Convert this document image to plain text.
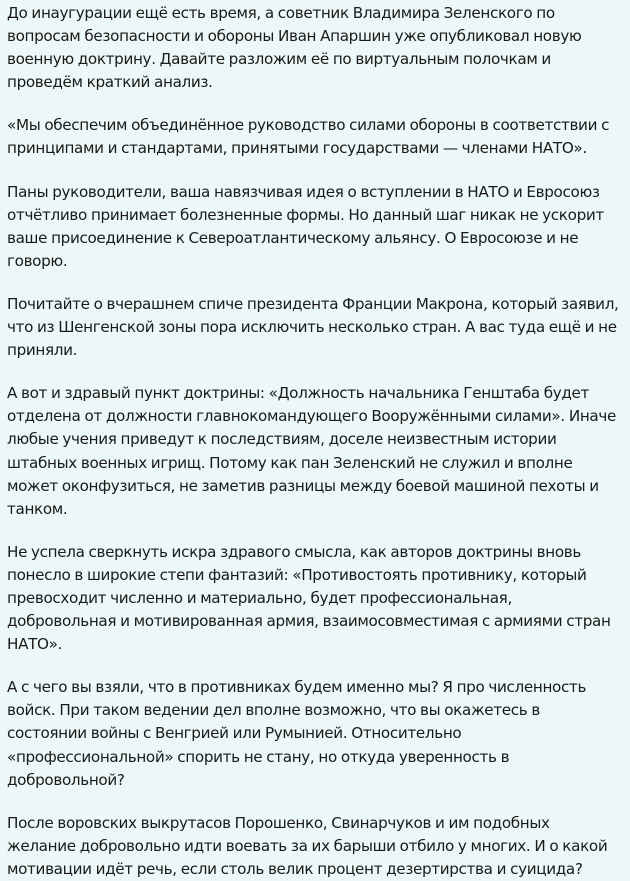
До инаугурации ещё есть время, а советник Владимира Зеленского по вопросам безопасности и обороны Иван Апаршин уже опубликовал новую военную доктрину. Давайте разложим её по виртуальным полочкам и проведём краткий анализ.

«Мы обеспечим объединённое руководство силами обороны в соответствии с принципами и стандартами, принятыми государствами — членами НАТО».

Паны руководители, ваша навязчивая идея о вступлении в НАТО и Евросоюз отчётливо принимает болезненные формы. Но данный шаг никак не ускорит ваше присоединение к Североатлантическому альянсу. О Евросоюзе и не говорю.

Почитайте о вчерашнем спиче президента Франции Макрона, который заявил, что из Шенгенской зоны пора исключить несколько стран. А вас туда ещё и не приняли.

А вот и здравый пункт доктрины: «Должность начальника Генштаба будет отделена от должности главнокомандующего Вооружёнными силами». Иначе любые учения приведут к последствиям, доселе неизвестным истории штабных военных игрищ. Потому как пан Зеленский не служил и вполне может оконфузиться, не заметив разницы между боевой машиной пехоты и танком.

Не успела сверкнуть искра здравого смысла, как авторов доктрины вновь понесло в широкие степи фантазий: «Противостоять противнику, который превосходит численно и материально, будет профессиональная, добровольная и мотивированная армия, взаимосовместимая с армиями стран НАТО».

А с чего вы взяли, что в противниках будем именно мы? Я про численность войск. При таком ведении дел вполне возможно, что вы окажетесь в состоянии войны с Венгрией или Румынией. Относительно «профессиональной» спорить не стану, но откуда уверенность в добровольной?

После воровских выкрутасов Порошенко, Свинарчуков и им подобных желание добровольно идти воевать за их барыши отбило у многих. И о какой мотивации идёт речь, если столь велик процент дезертирства и суицида?
